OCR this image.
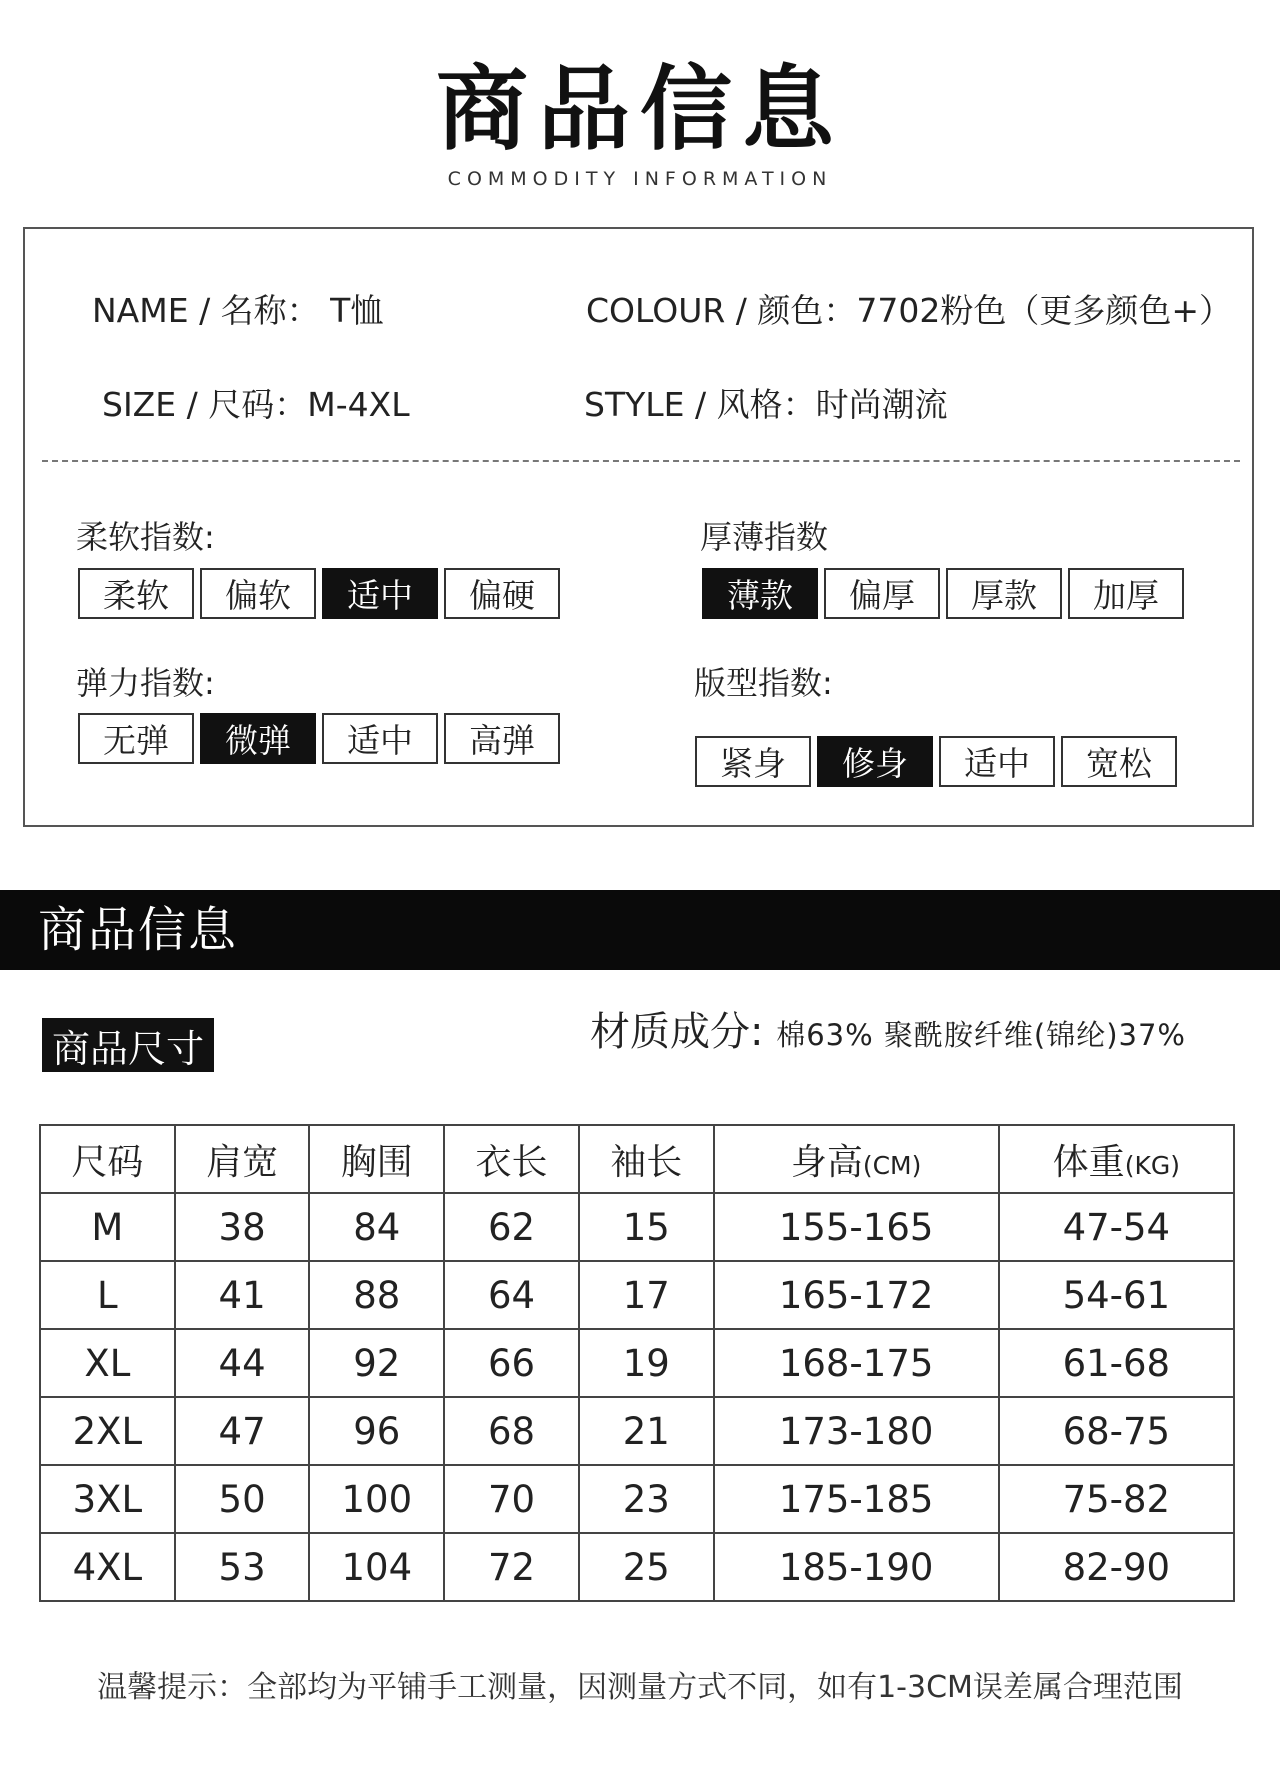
商品信息
COMMODITY INFORMATION
NAME / 名称： T恤	COLOUR / 颜色：7702粉色（更多颜色+）
SIZE / 尺码：M-4XL	STYLE / 风格：时尚潮流
柔软指数:
柔软	偏软	适中	偏硬
厚薄指数
薄款	偏厚	厚款	加厚
弹力指数:
无弹	微弹	适中	高弹
版型指数:
紧身	修身	适中	宽松
商品信息
商品尺寸	材质成分: 棉63% 聚酰胺纤维(锦纶)37%
尺码	肩宽	胸围	衣长	袖长	身高(CM)	体重(KG)
M	38	84	62	15	155-165	47-54
L	41	88	64	17	165-172	54-61
XL	44	92	66	19	168-175	61-68
2XL	47	96	68	21	173-180	68-75
3XL	50	100	70	23	175-185	75-82
4XL	53	104	72	25	185-190	82-90
温馨提示：全部均为平铺手工测量，因测量方式不同，如有1-3CM误差属合理范围
